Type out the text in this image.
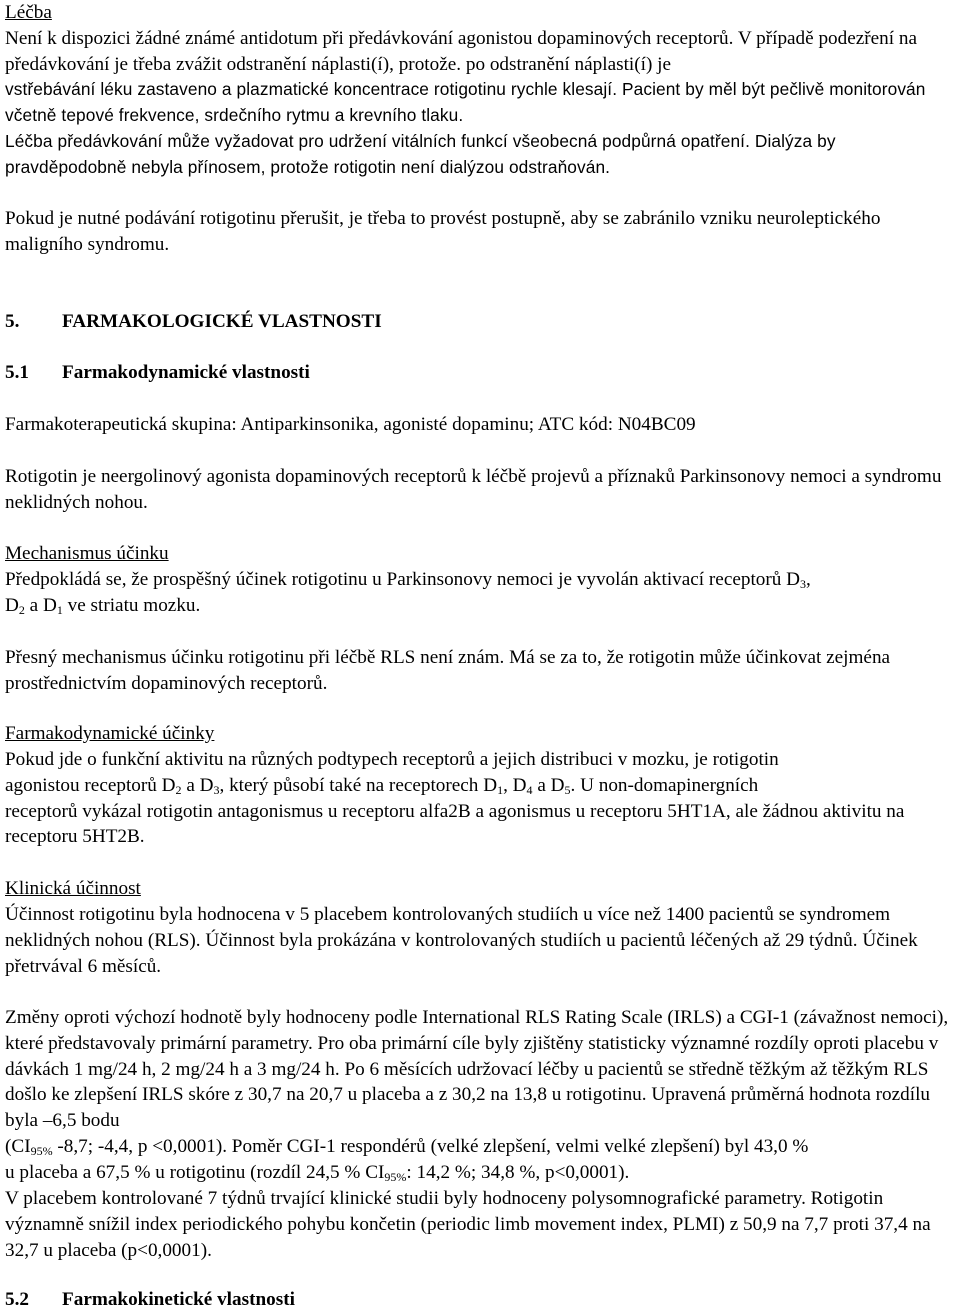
Léčba
Není k dispozici žádné známé antidotum při předávkování agonistou dopaminových receptorů. V případě podezření na předávkování je třeba zvážit odstranění náplasti(í), protože. po odstranění náplasti(í) je
vstřebávání léku zastaveno a plazmatické koncentrace rotigotinu rychle klesají. Pacient by měl být pečlivě monitorován včetně tepové frekvence, srdečního rytmu a krevního tlaku.
Léčba předávkování může vyžadovat pro udržení vitálních funkcí všeobecná podpůrná opatření. Dialýza by pravděpodobně nebyla přínosem, protože rotigotin není dialýzou odstraňován.
Pokud je nutné podávání rotigotinu přerušit, je třeba to provést postupně, aby se zabránilo vzniku neuroleptického maligního syndromu.
5. FARMAKOLOGICKÉ VLASTNOSTI
5.1 Farmakodynamické vlastnosti
Farmakoterapeutická skupina: Antiparkinsonika, agonisté dopaminu; ATC kód: N04BC09
Rotigotin je neergolinový agonista dopaminových receptorů k léčbě projevů a příznaků Parkinsonovy nemoci a syndromu neklidných nohou.
Mechanismus účinku
Předpokládá se, že prospěšný účinek rotigotinu u Parkinsonovy nemoci je vyvolán aktivací receptorů $D_3$,
$D_2$ a $D_1$ ve striatu mozku.
Přesný mechanismus účinku rotigotinu při léčbě RLS není znám. Má se za to, že rotigotin může účinkovat zejména prostřednictvím dopaminových receptorů.
Farmakodynamické účinky
Pokud jde o funkční aktivitu na různých podtypech receptorů a jejich distribuci v mozku, je rotigotin
agonistou receptorů $D_2$ a $D_3$, který působí také na receptorech $D_1$, $D_4$ a $D_5$. U non-domapinergních
receptorů vykázal rotigotin antagonismus u receptoru alfa2B a agonismus u receptoru 5HT1A, ale žádnou aktivitu na receptoru 5HT2B.
Klinická účinnost
Účinnost rotigotinu byla hodnocena v 5 placebem kontrolovaných studiích u více než 1400 pacientů se syndromem neklidných nohou (RLS). Účinnost byla prokázána v kontrolovaných studiích u pacientů léčených až 29 týdnů. Účinek přetrvával 6 měsíců.
Změny oproti výchozí hodnotě byly hodnoceny podle International RLS Rating Scale (IRLS) a CGI-1 (závažnost nemoci), které představovaly primární parametry. Pro oba primární cíle byly zjištěny statisticky významné rozdíly oproti placebu v dávkách 1 mg/24 h, 2 mg/24 h a 3 mg/24 h. Po 6 měsících udržovací léčby u pacientů se středně těžkým až těžkým RLS došlo ke zlepšení IRLS skóre z 30,7 na 20,7 u placeba a z 30,2 na 13,8 u rotigotinu. Upravená průměrná hodnota rozdílu byla –6,5 bodu
($CI_{95\%}$ -8,7; -4,4, p <0,0001). Poměr CGI-1 respondérů (velké zlepšení, velmi velké zlepšení) byl 43,0 %
u placeba a 67,5 % u rotigotinu (rozdíl 24,5 % $CI_{95\%}$: 14,2 %; 34,8 %, p<0,0001).
V placebem kontrolované 7 týdnů trvající klinické studii byly hodnoceny polysomnografické parametry. Rotigotin významně snížil index periodického pohybu končetin (periodic limb movement index, PLMI) z 50,9 na 7,7 proti 37,4 na 32,7 u placeba (p<0,0001).
5.2 Farmakokinetické vlastnosti
